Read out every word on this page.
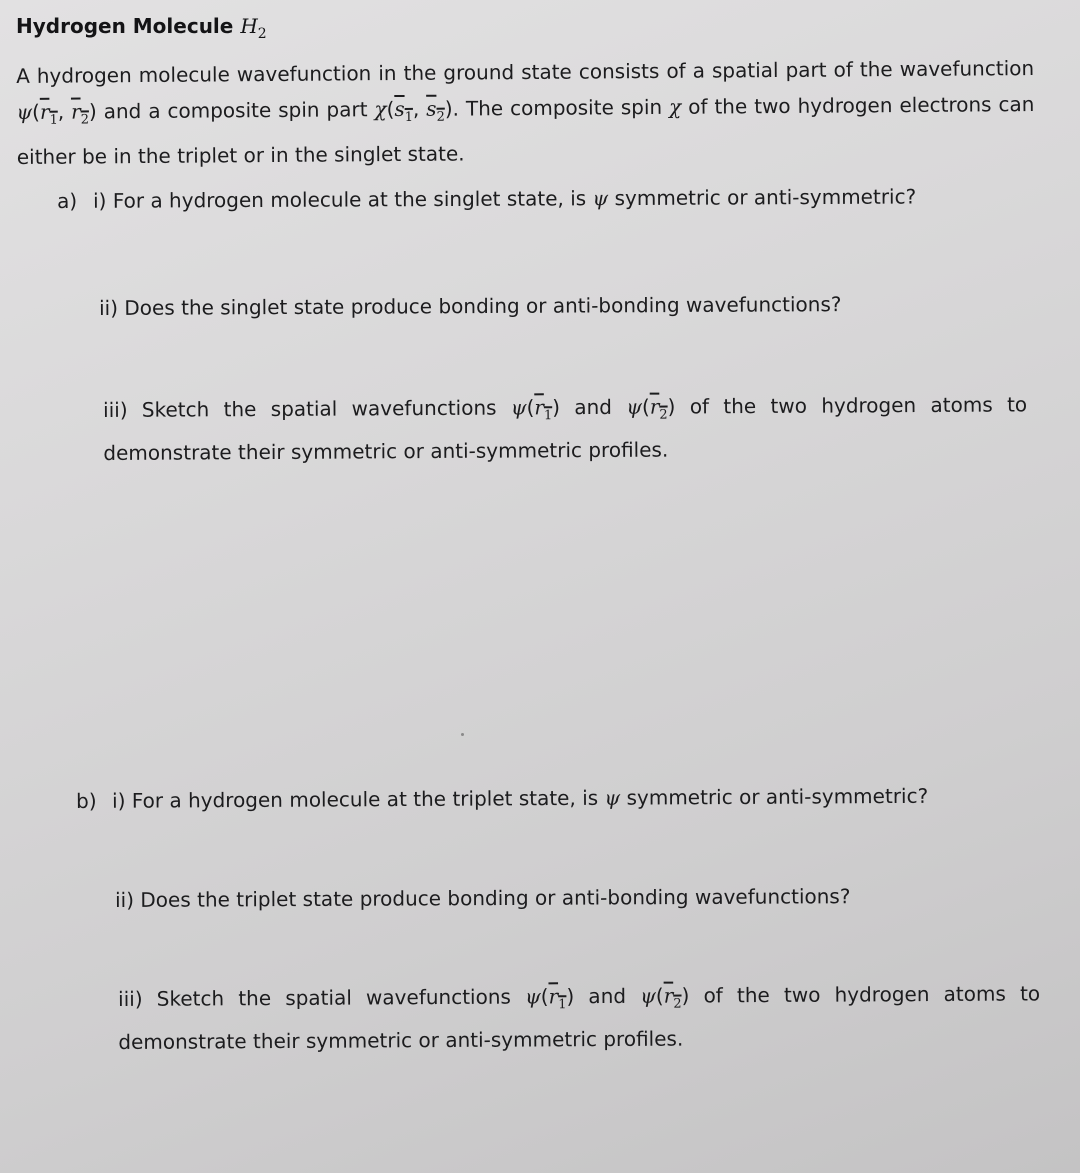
Hydrogen Molecule $H_2$
A hydrogen molecule wavefunction in the ground state consists of a spatial part of the wavefunction $\psi(r_1$, $r_2$) and a composite spin part $\chi(s_1$, $s_2$). The composite spin χ of the two hydrogen electrons can either be in the triplet or in the singlet state.
a) i) For a hydrogen molecule at the singlet state, is ψ symmetric or anti-symmetric?
ii) Does the singlet state produce bonding or anti-bonding wavefunctions?
iii) Sketch the spatial wavefunctions $\psi(r_1)$ and $\psi(r_2)$ of the two hydrogen atoms to demonstrate their symmetric or anti-symmetric profiles.
b) i) For a hydrogen molecule at the triplet state, is ψ symmetric or anti-symmetric?
ii) Does the triplet state produce bonding or anti-bonding wavefunctions?
iii) Sketch the spatial wavefunctions $\psi(r_1)$ and $\psi(r_2)$ of the two hydrogen atoms to demonstrate their symmetric or anti-symmetric profiles.
